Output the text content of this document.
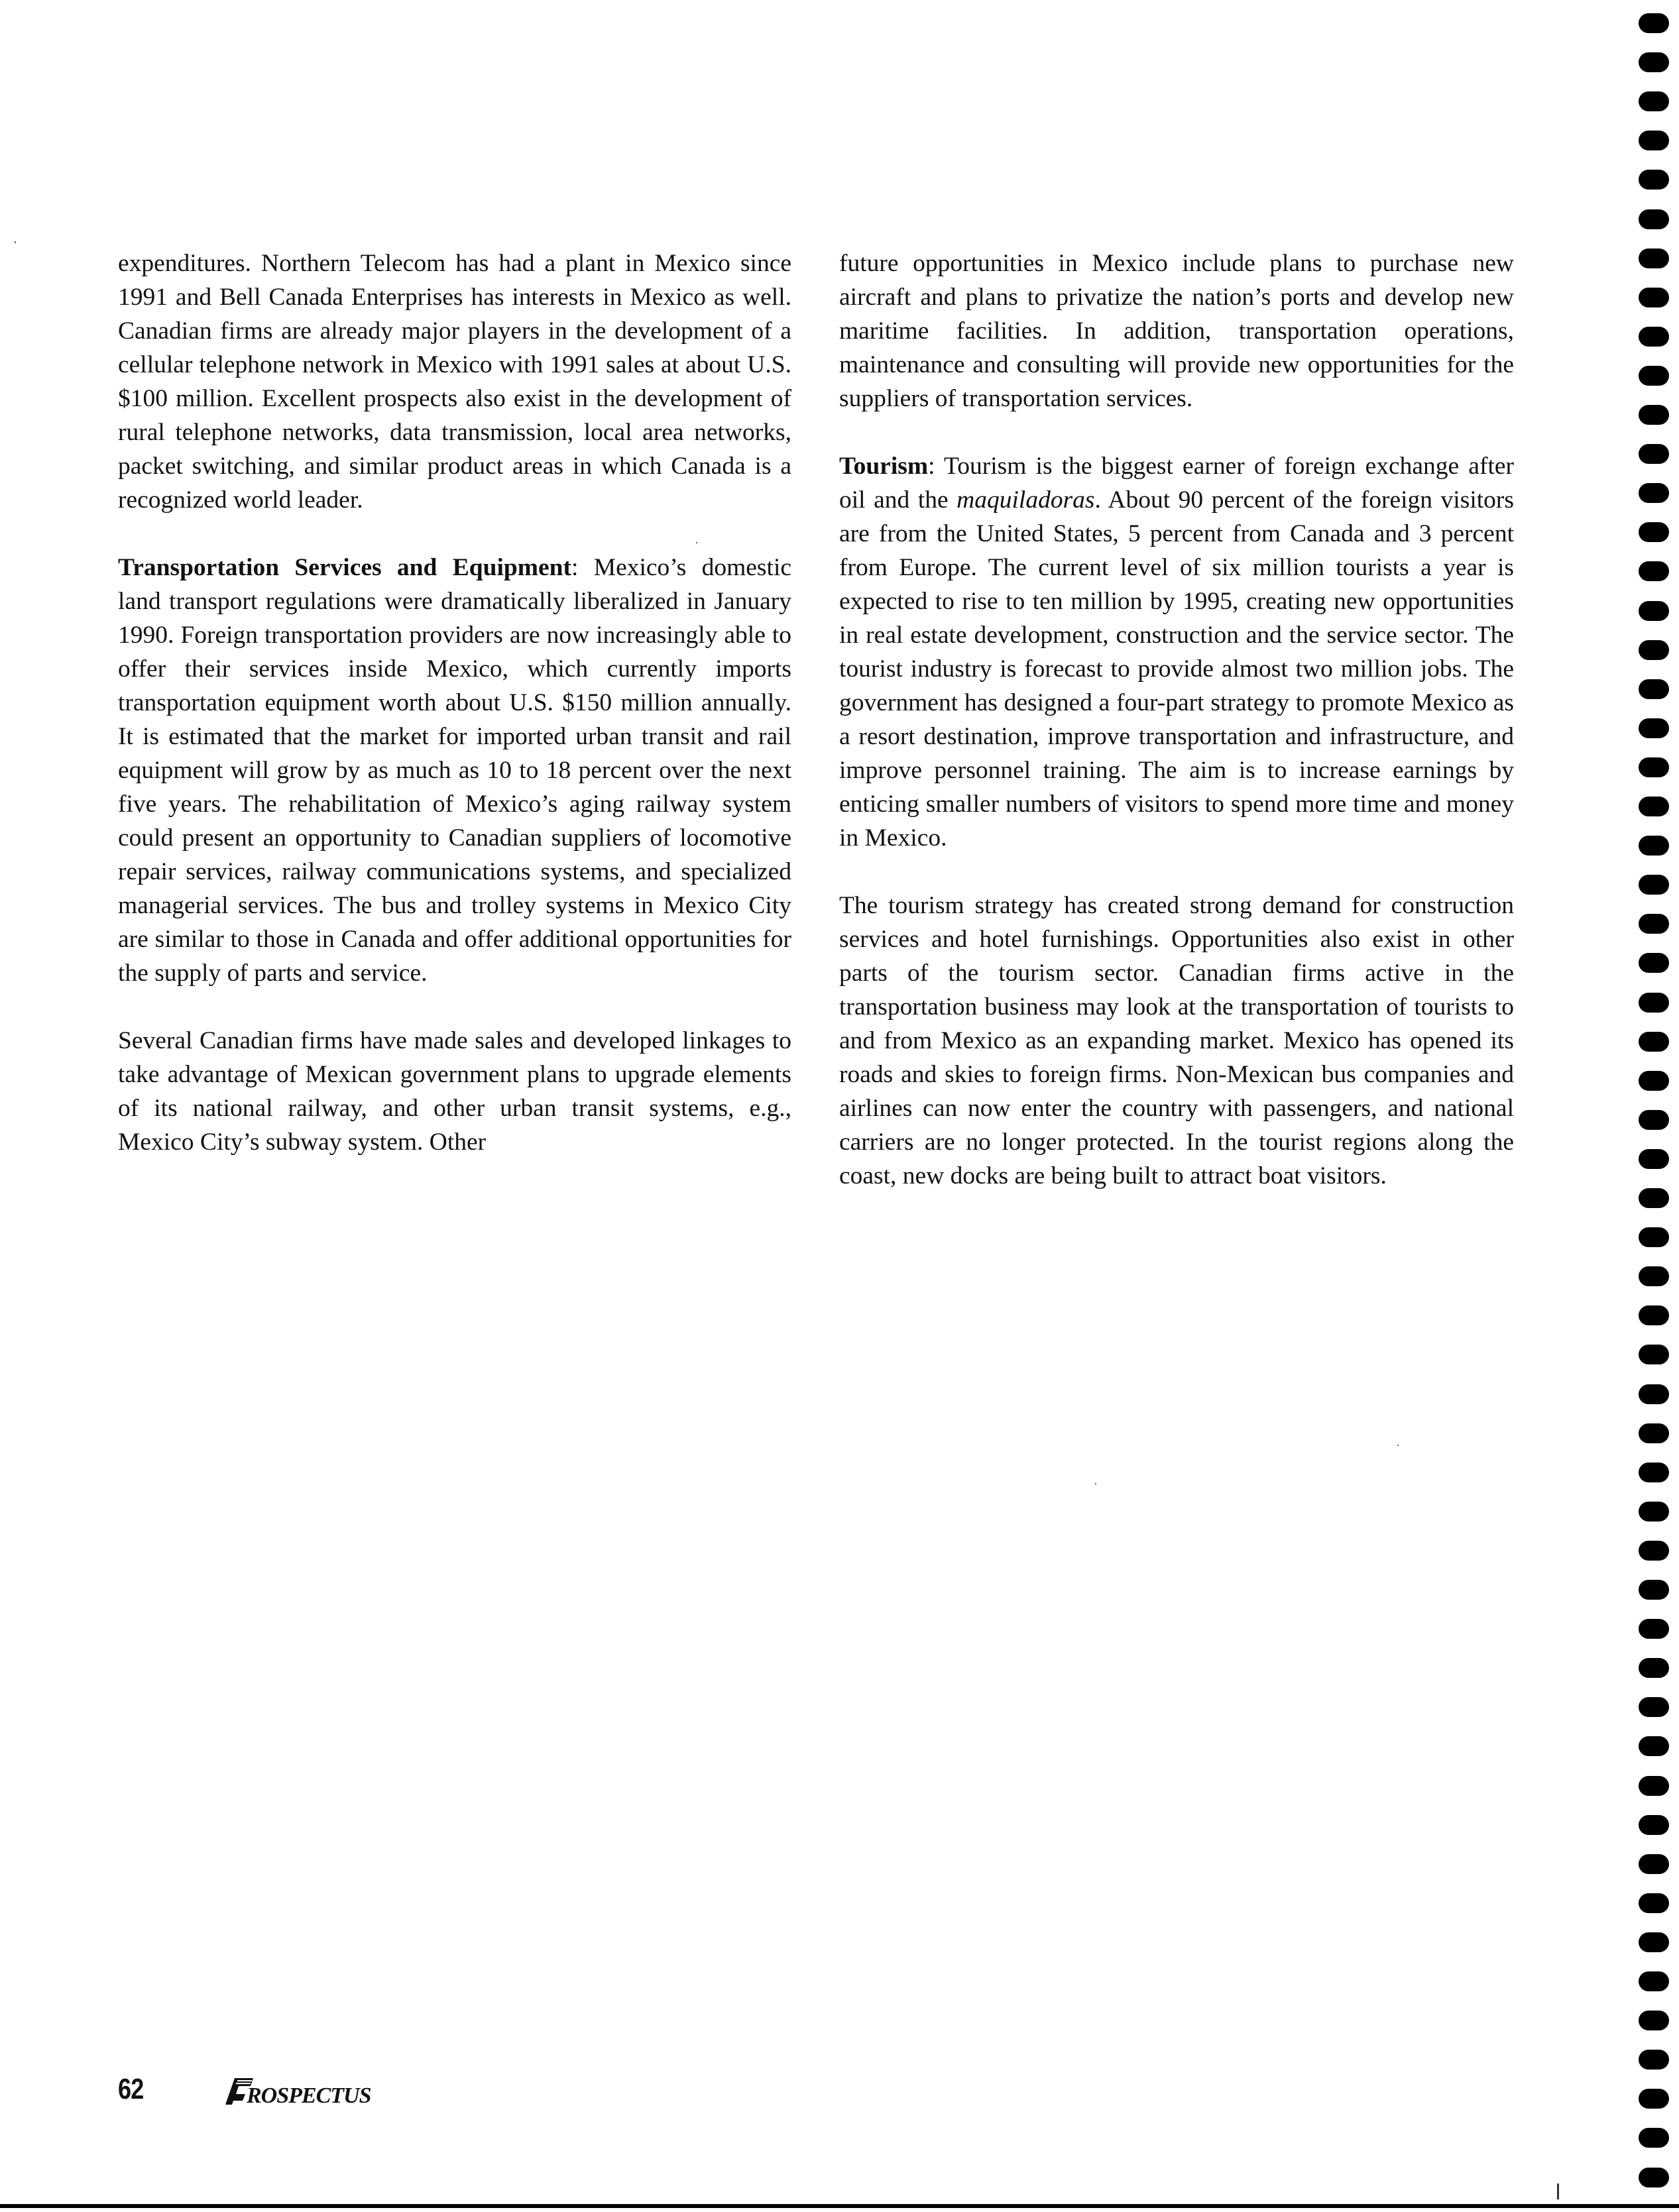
expenditures. Northern Telecom has had a plant in Mexico since 1991 and Bell Canada Enterprises has interests in Mexico as well. Canadian firms are already major players in the development of a cellular telephone network in Mexico with 1991 sales at about U.S. $100 million. Excellent prospects also exist in the development of rural telephone networks, data transmission, local area networks, packet switching, and similar product areas in which Canada is a recognized world leader.

Transportation Services and Equipment: Mexico’s domestic land transport regulations were dramatically liberalized in January 1990. Foreign transportation providers are now increasingly able to offer their services inside Mexico, which currently imports transportation equipment worth about U.S. $150 million annually. It is estimated that the market for imported urban transit and rail equipment will grow by as much as 10 to 18 percent over the next five years. The rehabilitation of Mexico’s aging railway system could present an opportunity to Canadian suppliers of locomotive repair services, railway communications systems, and specialized managerial services. The bus and trolley systems in Mexico City are similar to those in Canada and offer additional opportunities for the supply of parts and service.

Several Canadian firms have made sales and developed linkages to take advantage of Mexican government plans to upgrade elements of its national railway, and other urban transit systems, e.g., Mexico City’s subway system. Other

future opportunities in Mexico include plans to purchase new aircraft and plans to privatize the nation’s ports and develop new maritime facilities. In addition, transportation operations, maintenance and consulting will provide new opportunities for the suppliers of transportation services.

Tourism: Tourism is the biggest earner of foreign exchange after oil and the maquiladoras. About 90 percent of the foreign visitors are from the United States, 5 percent from Canada and 3 percent from Europe. The current level of six million tourists a year is expected to rise to ten million by 1995, creating new opportunities in real estate development, construction and the service sector. The tourist industry is forecast to provide almost two million jobs. The government has designed a four-part strategy to promote Mexico as a resort destination, improve transportation and infrastructure, and improve personnel training. The aim is to increase earnings by enticing smaller numbers of visitors to spend more time and money in Mexico.

The tourism strategy has created strong demand for construction services and hotel furnishings. Opportunities also exist in other parts of the tourism sector. Canadian firms active in the transportation business may look at the transportation of tourists to and from Mexico as an expanding market. Mexico has opened its roads and skies to foreign firms. Non-Mexican bus companies and airlines can now enter the country with passengers, and national carriers are no longer protected. In the tourist regions along the coast, new docks are being built to attract boat visitors.

62	ROSPECTUS
